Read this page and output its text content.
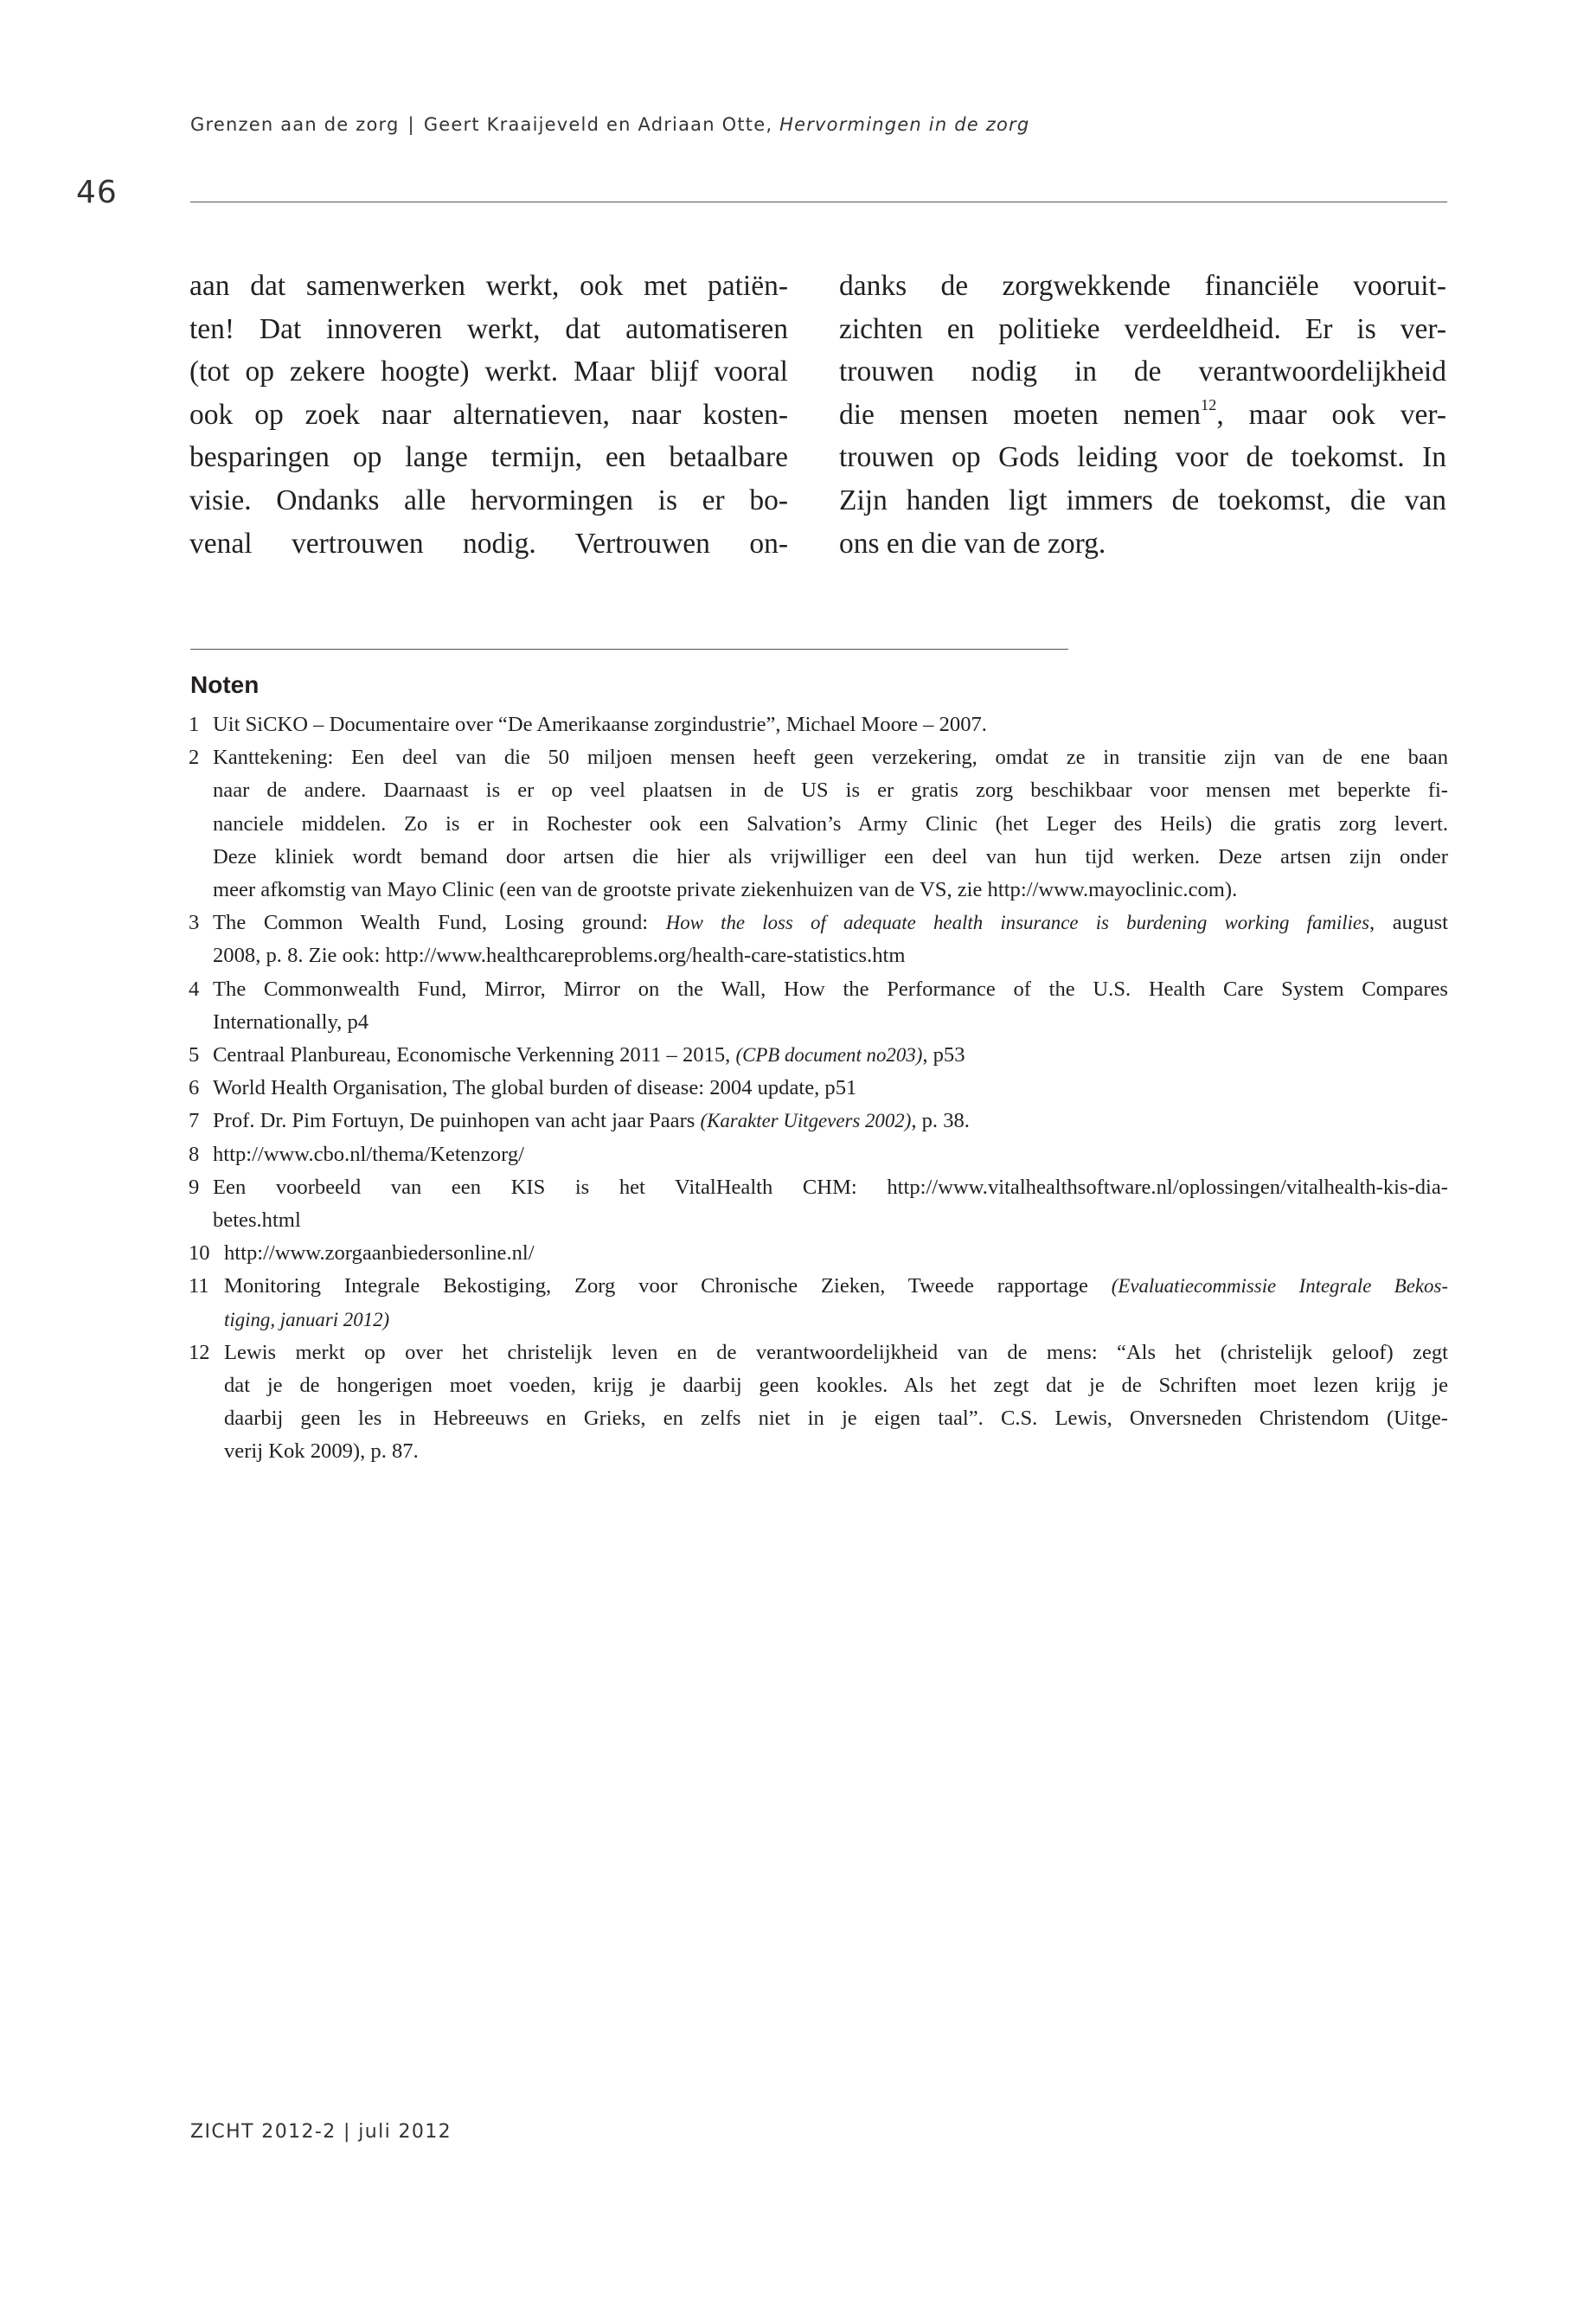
Grenzen aan de zorg | Geert Kraaijeveld en Adriaan Otte, Hervormingen in de zorg
46
aan dat samenwerken werkt, ook met patiën-
ten! Dat innoveren werkt, dat automatiseren
(tot op zekere hoogte) werkt. Maar blijf vooral
ook op zoek naar alternatieven, naar kosten-
besparingen op lange termijn, een betaalbare
visie. Ondanks alle hervormingen is er bo-
venal vertrouwen nodig. Vertrouwen on-
danks de zorgwekkende financiële vooruit-
zichten en politieke verdeeldheid. Er is ver-
trouwen nodig in de verantwoordelijkheid
die mensen moeten nemen$^{12}$, maar ook ver-
trouwen op Gods leiding voor de toekomst. In
Zijn handen ligt immers de toekomst, die van
ons en die van de zorg.
Noten
1 Uit SiCKO – Documentaire over “De Amerikaanse zorgindustrie”, Michael Moore – 2007.
2 Kanttekening: Een deel van die 50 miljoen mensen heeft geen verzekering, omdat ze in transitie zijn van de ene baan
naar de andere. Daarnaast is er op veel plaatsen in de US is er gratis zorg beschikbaar voor mensen met beperkte fi-
nanciele middelen. Zo is er in Rochester ook een Salvation’s Army Clinic (het Leger des Heils) die gratis zorg levert.
Deze kliniek wordt bemand door artsen die hier als vrijwilliger een deel van hun tijd werken. Deze artsen zijn onder
meer afkomstig van Mayo Clinic (een van de grootste private ziekenhuizen van de VS, zie http://www.mayoclinic.com).
3 The Common Wealth Fund, Losing ground: How the loss of adequate health insurance is burdening working families, august
2008, p. 8. Zie ook: http://www.healthcareproblems.org/health-care-statistics.htm
4 The Commonwealth Fund, Mirror, Mirror on the Wall, How the Performance of the U.S. Health Care System Compares
Internationally, p4
5 Centraal Planbureau, Economische Verkenning 2011 – 2015, (CPB document no203), p53
6 World Health Organisation, The global burden of disease: 2004 update, p51
7 Prof. Dr. Pim Fortuyn, De puinhopen van acht jaar Paars (Karakter Uitgevers 2002), p. 38.
8 http://www.cbo.nl/thema/Ketenzorg/
9 Een voorbeeld van een KIS is het VitalHealth CHM: http://www.vitalhealthsoftware.nl/oplossingen/vitalhealth-kis-dia-
betes.html
10 http://www.zorgaanbiedersonline.nl/
11 Monitoring Integrale Bekostiging, Zorg voor Chronische Zieken, Tweede rapportage (Evaluatiecommissie Integrale Bekos-
tiging, januari 2012)
12 Lewis merkt op over het christelijk leven en de verantwoordelijkheid van de mens: “Als het (christelijk geloof) zegt
dat je de hongerigen moet voeden, krijg je daarbij geen kookles. Als het zegt dat je de Schriften moet lezen krijg je
daarbij geen les in Hebreeuws en Grieks, en zelfs niet in je eigen taal”. C.S. Lewis, Onversneden Christendom (Uitge-
verij Kok 2009), p. 87.
ZICHT 2012-2 | juli 2012
